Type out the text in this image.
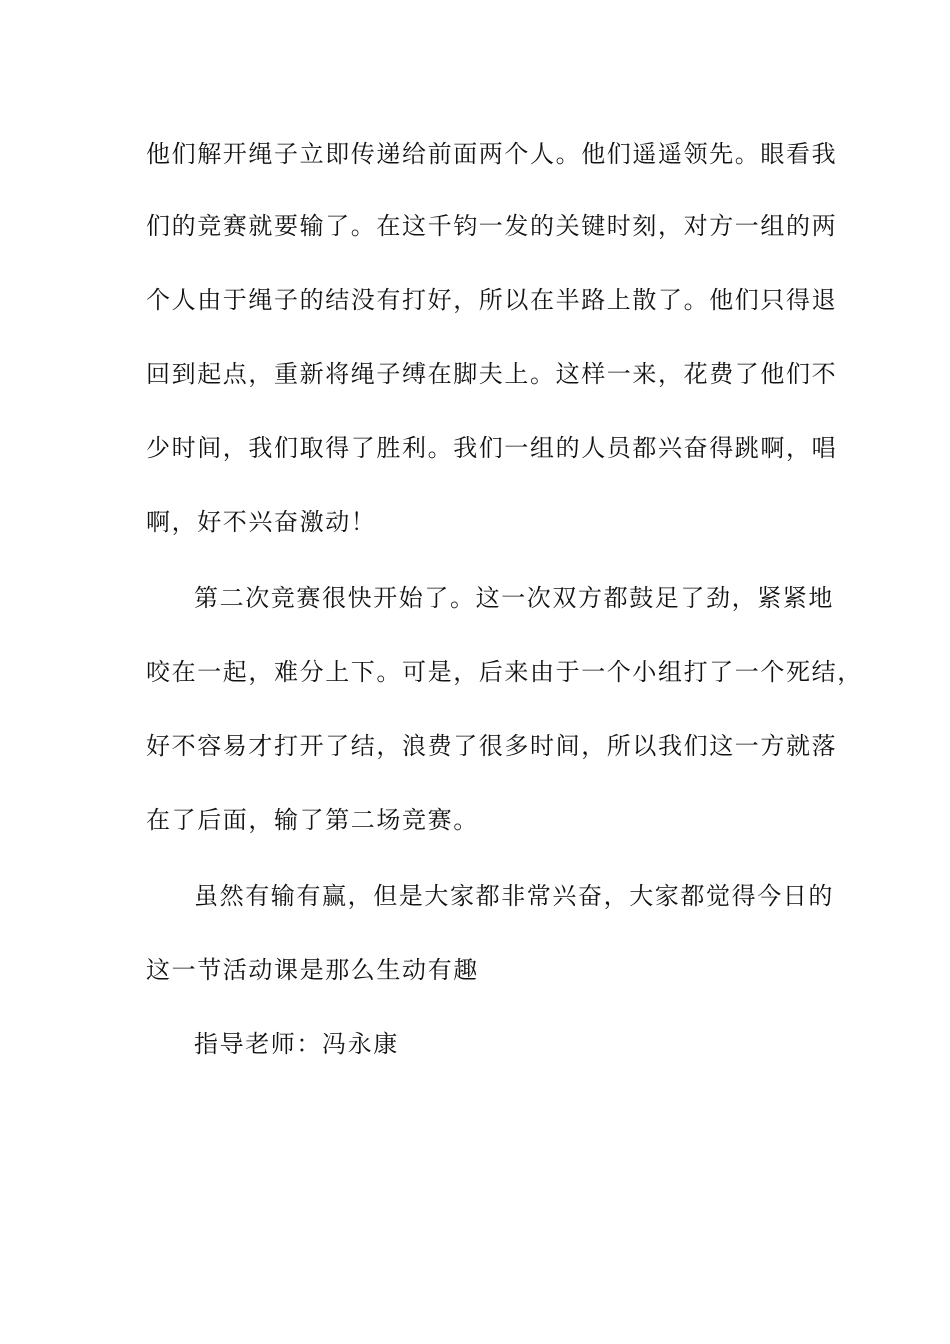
他们解开绳子立即传递给前面两个人。他们遥遥领先。眼看我
们的竞赛就要输了。在这千钧一发的关键时刻，对方一组的两
个人由于绳子的结没有打好，所以在半路上散了。他们只得退
回到起点，重新将绳子缚在脚夫上。这样一来，花费了他们不
少时间，我们取得了胜利。我们一组的人员都兴奋得跳啊，唱
啊，好不兴奋激动！
第二次竞赛很快开始了。这一次双方都鼓足了劲，紧紧地
咬在一起，难分上下。可是，后来由于一个小组打了一个死结，
好不容易才打开了结，浪费了很多时间，所以我们这一方就落
在了后面，输了第二场竞赛。
虽然有输有赢，但是大家都非常兴奋，大家都觉得今日的
这一节活动课是那么生动有趣
指导老师：冯永康
